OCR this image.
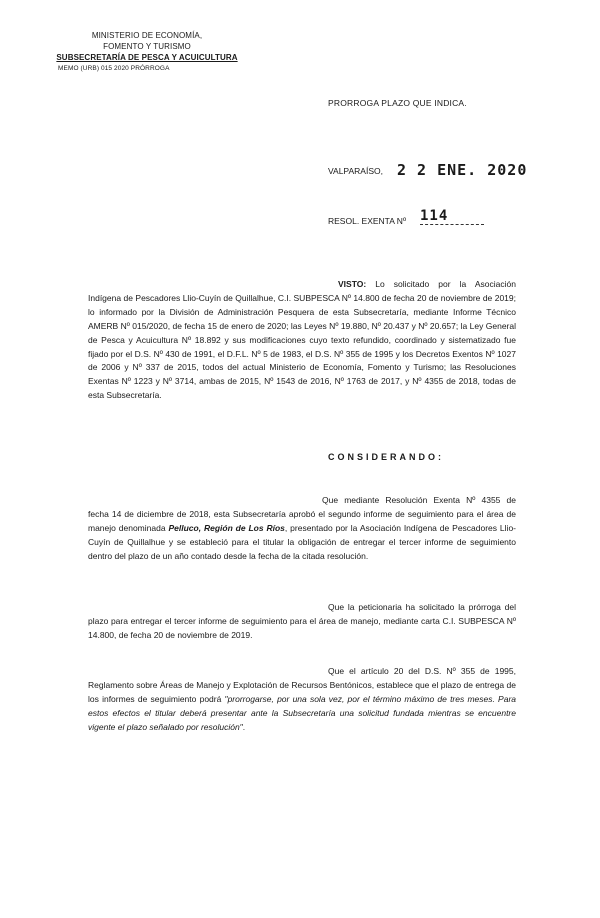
MINISTERIO DE ECONOMÍA,
FOMENTO Y TURISMO
SUBSECRETARÍA DE PESCA Y ACUICULTURA
MEMO (URB) 015 2020 PRÓRROGA
PRORROGA PLAZO QUE INDICA.
VALPARAÍSO, 2 2 ENE. 2020
RESOL. EXENTA Nº 114
VISTO: Lo solicitado por la Asociación Indígena de Pescadores Llio-Cuyín de Quillalhue, C.I. SUBPESCA Nº 14.800 de fecha 20 de noviembre de 2019; lo informado por la División de Administración Pesquera de esta Subsecretaría, mediante Informe Técnico AMERB Nº 015/2020, de fecha 15 de enero de 2020; las Leyes Nº 19.880, Nº 20.437 y Nº 20.657; la Ley General de Pesca y Acuicultura Nº 18.892 y sus modificaciones cuyo texto refundido, coordinado y sistematizado fue fijado por el D.S. Nº 430 de 1991, el D.F.L. Nº 5 de 1983, el D.S. Nº 355 de 1995 y los Decretos Exentos Nº 1027 de 2006 y Nº 337 de 2015, todos del actual Ministerio de Economía, Fomento y Turismo; las Resoluciones Exentas Nº 1223 y Nº 3714, ambas de 2015, Nº 1543 de 2016, Nº 1763 de 2017, y Nº 4355 de 2018, todas de esta Subsecretaría.
CONSIDERANDO:
Que mediante Resolución Exenta Nº 4355 de fecha 14 de diciembre de 2018, esta Subsecretaría aprobó el segundo informe de seguimiento para el área de manejo denominada Pelluco, Región de Los Ríos, presentado por la Asociación Indígena de Pescadores Llio-Cuyín de Quillalhue y se estableció para el titular la obligación de entregar el tercer informe de seguimiento dentro del plazo de un año contado desde la fecha de la citada resolución.
Que la peticionaria ha solicitado la prórroga del plazo para entregar el tercer informe de seguimiento para el área de manejo, mediante carta C.I. SUBPESCA Nº 14.800, de fecha 20 de noviembre de 2019.
Que el artículo 20 del D.S. Nº 355 de 1995, Reglamento sobre Áreas de Manejo y Explotación de Recursos Bentónicos, establece que el plazo de entrega de los informes de seguimiento podrá "prorrogarse, por una sola vez, por el término máximo de tres meses. Para estos efectos el titular deberá presentar ante la Subsecretaría una solicitud fundada mientras se encuentre vigente el plazo señalado por resolución".
